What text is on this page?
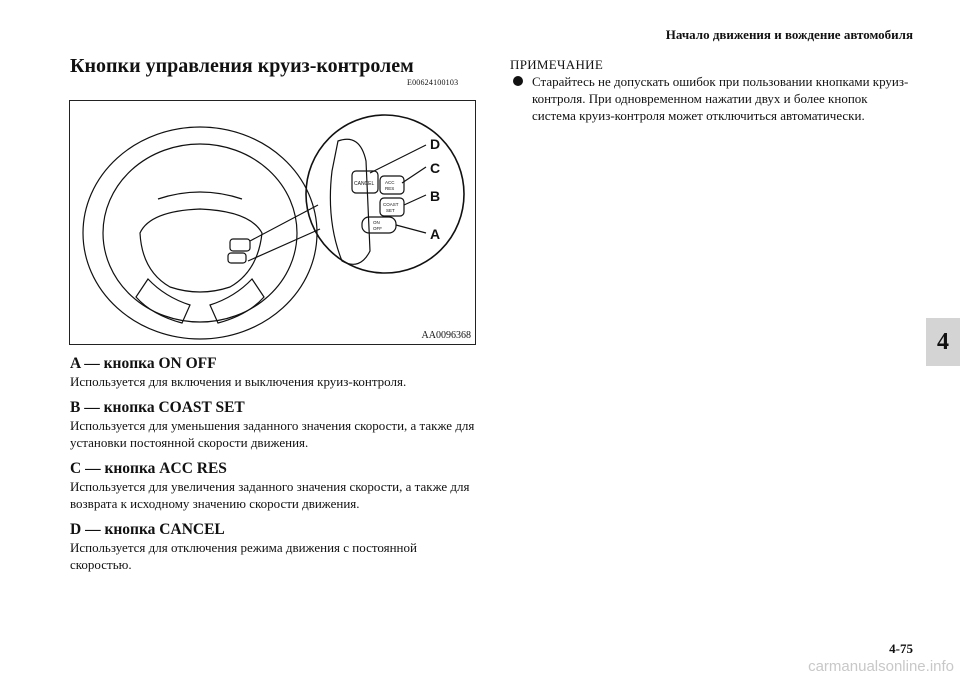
Начало движения и вождение автомобиля
Кнопки управления круиз-контролем
E00624100103
CANCEL ACC
RES
COAST
SET
ON
OFF
D
C
B
A
AA0096368
A — кнопка ON OFF

Используется для включения и выключения круиз-контроля.

B — кнопка COAST SET

Используется для уменьшения заданного значения скорости, а также для установки постоянной скорости движения.

C — кнопка ACC RES

Используется для увеличения заданного значения скорости, а также для возврата к исходному значению скорости движения.

D — кнопка CANCEL

Используется для отключения режима движения с постоянной скоростью.

ПРИМЕЧАНИЕ
Старайтесь не допускать ошибок при пользовании кнопками круиз-контроля. При одновременном нажатии двух и более кнопок система круиз-контроля может отключиться автоматически.
4
4-75
carmanualsonline.info
